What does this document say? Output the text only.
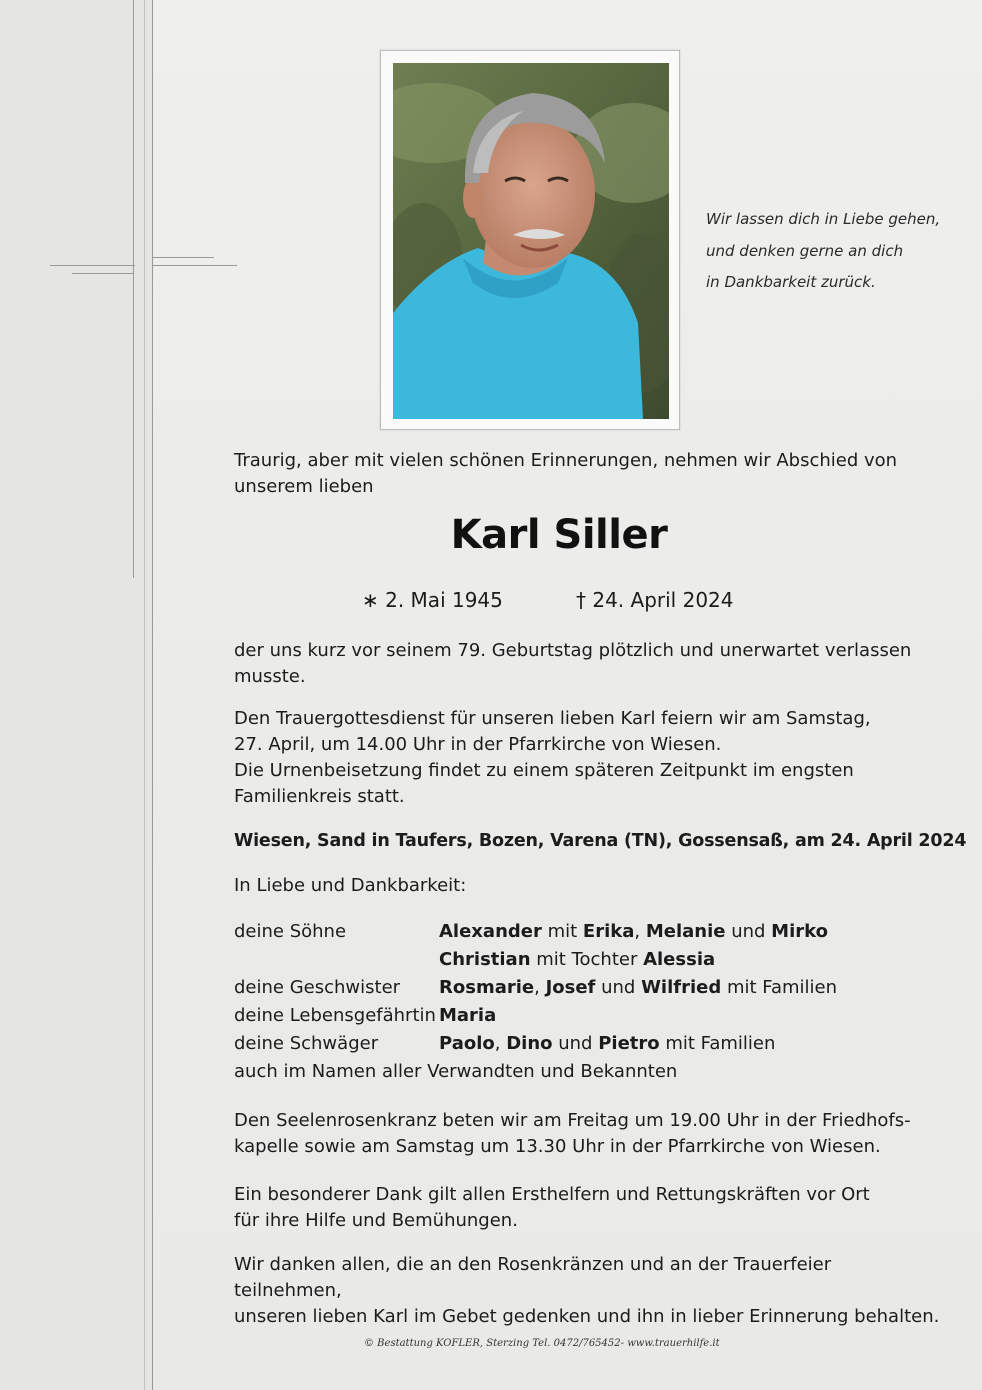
Wir lassen dich in Liebe gehen,
und denken gerne an dich
in Dankbarkeit zurück.
Traurig, aber mit vielen schönen Erinnerungen, nehmen wir Abschied von unserem lieben
Karl Siller
∗ 2. Mai 1945	† 24. April 2024
der uns kurz vor seinem 79. Geburtstag plötzlich und unerwartet verlassen musste.
Den Trauergottesdienst für unseren lieben Karl feiern wir am Samstag,
27. April, um 14.00 Uhr in der Pfarrkirche von Wiesen.
Die Urnenbeisetzung findet zu einem späteren Zeitpunkt im engsten
Familienkreis statt.
Wiesen, Sand in Taufers, Bozen, Varena (TN), Gossensaß, am 24. April 2024
In Liebe und Dankbarkeit:
deine Söhne	Alexander mit Erika, Melanie und Mirko
Christian mit Tochter Alessia
deine Geschwister Rosmarie, Josef und Wilfried mit Familien
deine Lebensgefährtin Maria
deine Schwäger	Paolo, Dino und Pietro mit Familien
auch im Namen aller Verwandten und Bekannten
Den Seelenrosenkranz beten wir am Freitag um 19.00 Uhr in der Friedhofs-
kapelle sowie am Samstag um 13.30 Uhr in der Pfarrkirche von Wiesen.
Ein besonderer Dank gilt allen Ersthelfern und Rettungskräften vor Ort
für ihre Hilfe und Bemühungen.
Wir danken allen, die an den Rosenkränzen und an der Trauerfeier teilnehmen,
unseren lieben Karl im Gebet gedenken und ihn in lieber Erinnerung behalten.
© Bestattung KOFLER, Sterzing Tel. 0472/765452- www.trauerhilfe.it
